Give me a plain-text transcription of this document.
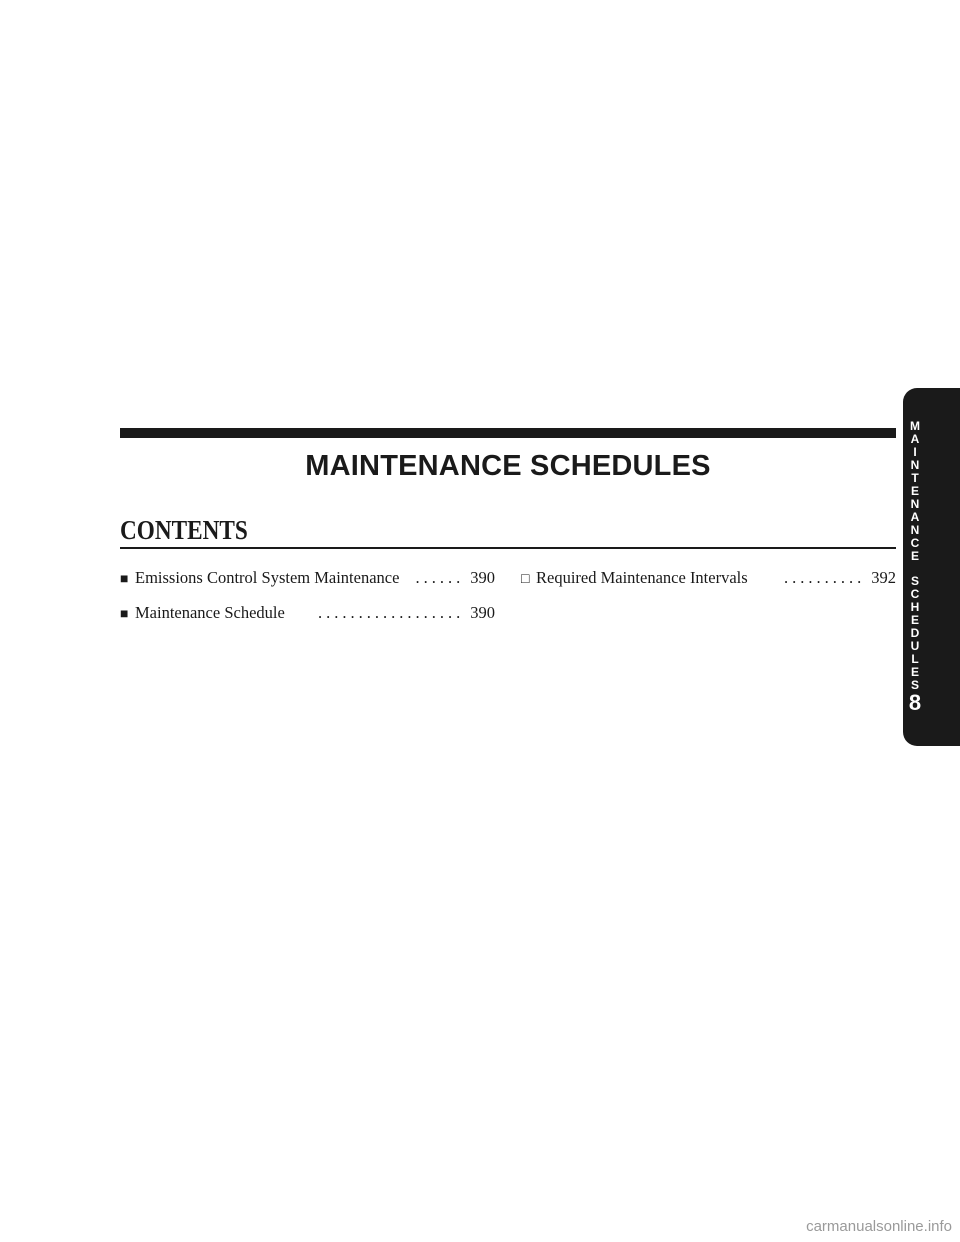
MAINTENANCE SCHEDULES
CONTENTS
■ Emissions Control System Maintenance ...... 390
■ Maintenance Schedule	.................. 390
□ Required Maintenance Intervals	.......... 392
M
A
I
N
T
E
N
A
N
C
E
S
C
H
E
D
U
L
E
S
8
carmanualsonline.info
